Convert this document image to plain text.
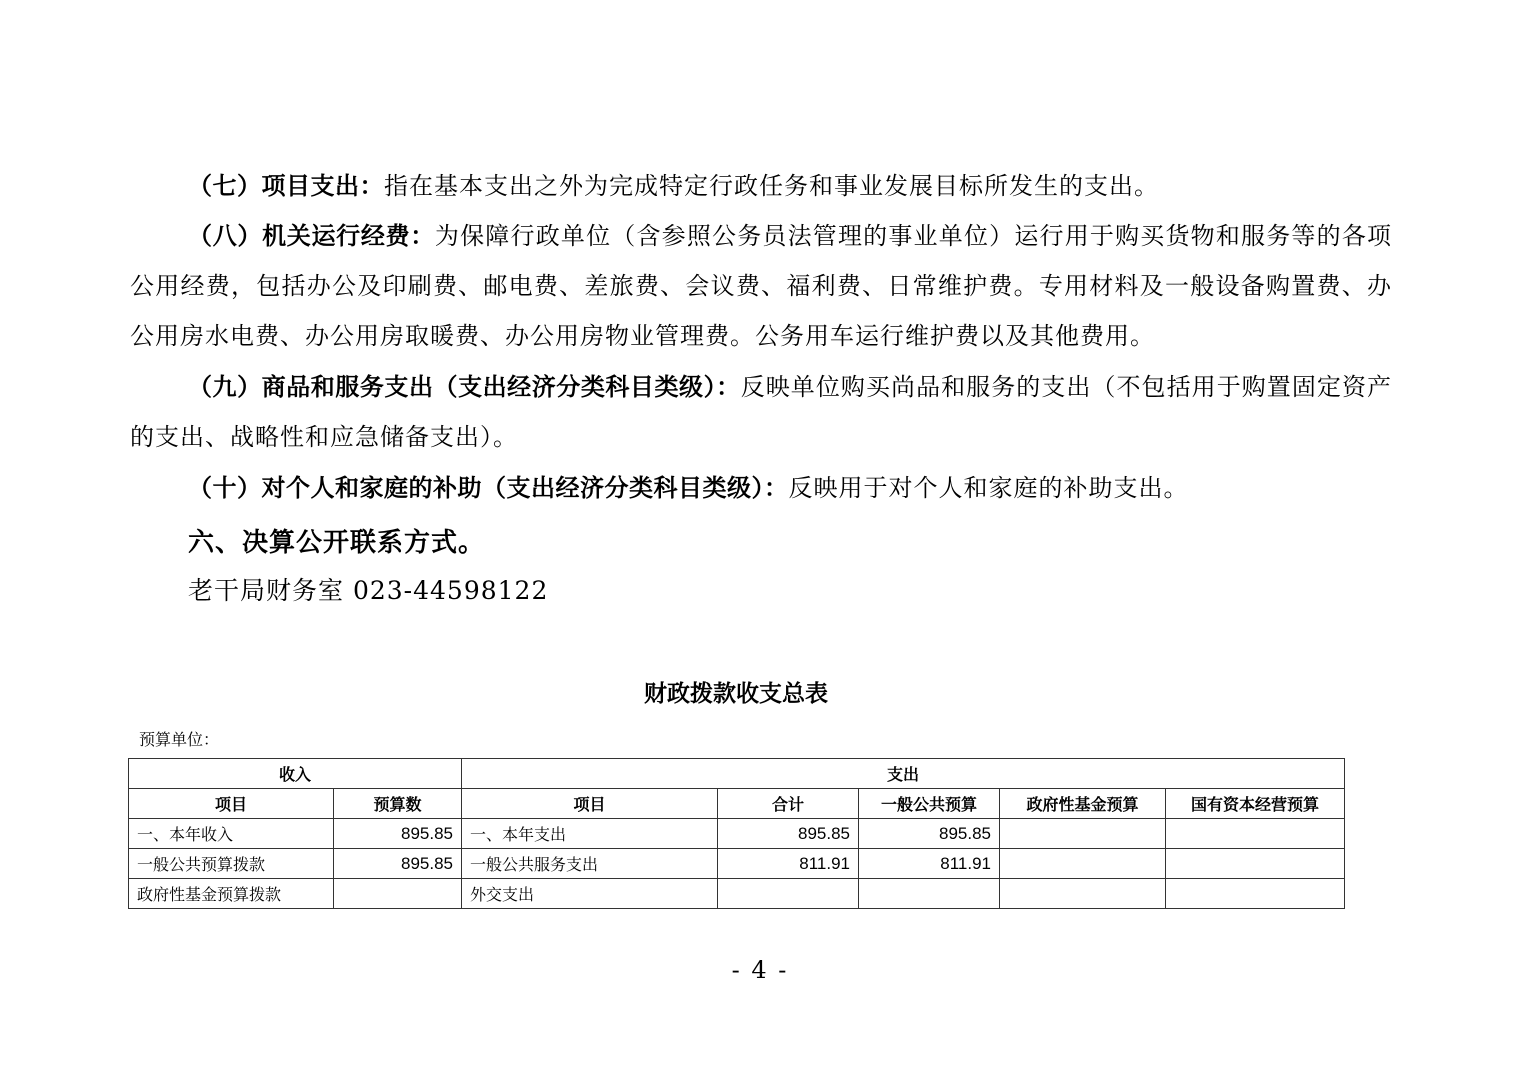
（七）项目支出：指在基本支出之外为完成特定行政任务和事业发展目标所发生的支出。

（八）机关运行经费：为保障行政单位（含参照公务员法管理的事业单位）运行用于购买货物和服务等的各项公用经费，包括办公及印刷费、邮电费、差旅费、会议费、福利费、日常维护费。专用材料及一般设备购置费、办公用房水电费、办公用房取暖费、办公用房物业管理费。公务用车运行维护费以及其他费用。

（九）商品和服务支出（支出经济分类科目类级）：反映单位购买尚品和服务的支出（不包括用于购置固定资产的支出、战略性和应急储备支出）。

（十）对个人和家庭的补助（支出经济分类科目类级）：反映用于对个人和家庭的补助支出。

六、决算公开联系方式。

老干局财务室 023-44598122

财政拨款收支总表

预算单位：
收入		支出				
项目	预算数	项目	合计	一般公共预算	政府性基金预算	国有资本经营预算
一、本年收入	895.85	一、本年支出	895.85	895.85		
一般公共预算拨款	895.85	一般公共服务支出	811.91	811.91		
政府性基金预算拨款		外交支出				
- 4 -
